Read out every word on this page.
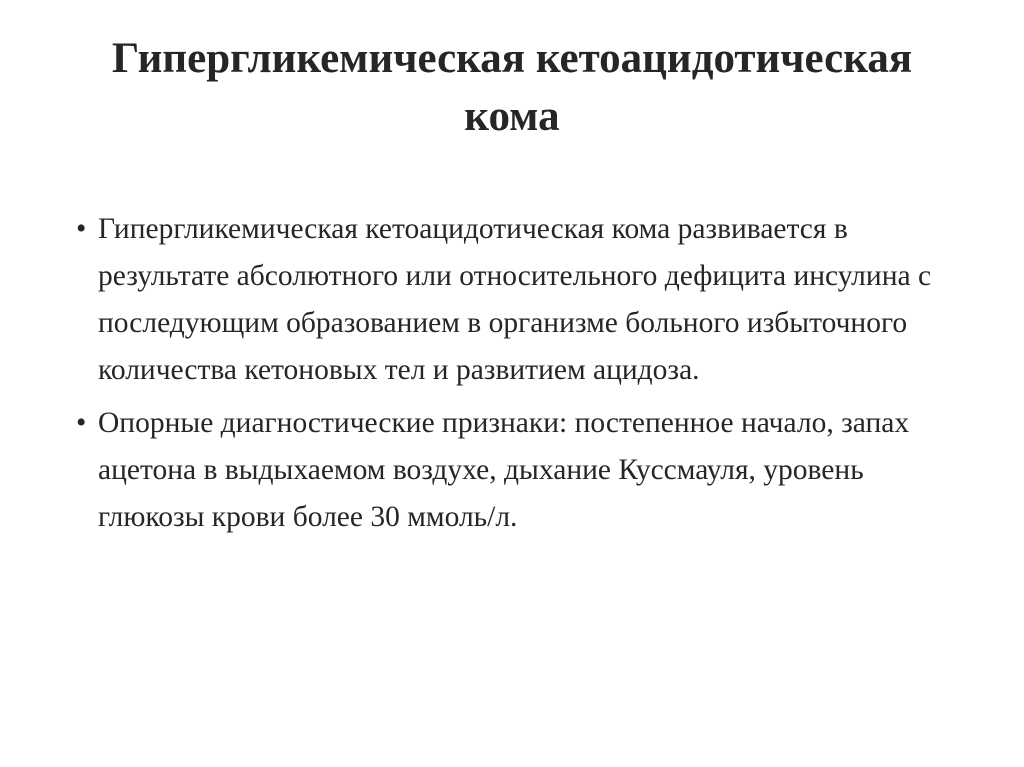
Гипергликемическая кетоацидотическая
кома
• Гипергликемическая кетоацидотическая кома развивается в результате абсолютного или относительного дефицита инсулина с последующим образованием в организме больного избыточного количества кетоновых тел и развитием ацидоза.
• Опорные диагностические признаки: постепенное начало, запах ацетона в выдыхаемом воздухе, дыхание Куссмауля, уровень глюкозы крови более 30 ммоль/л.
